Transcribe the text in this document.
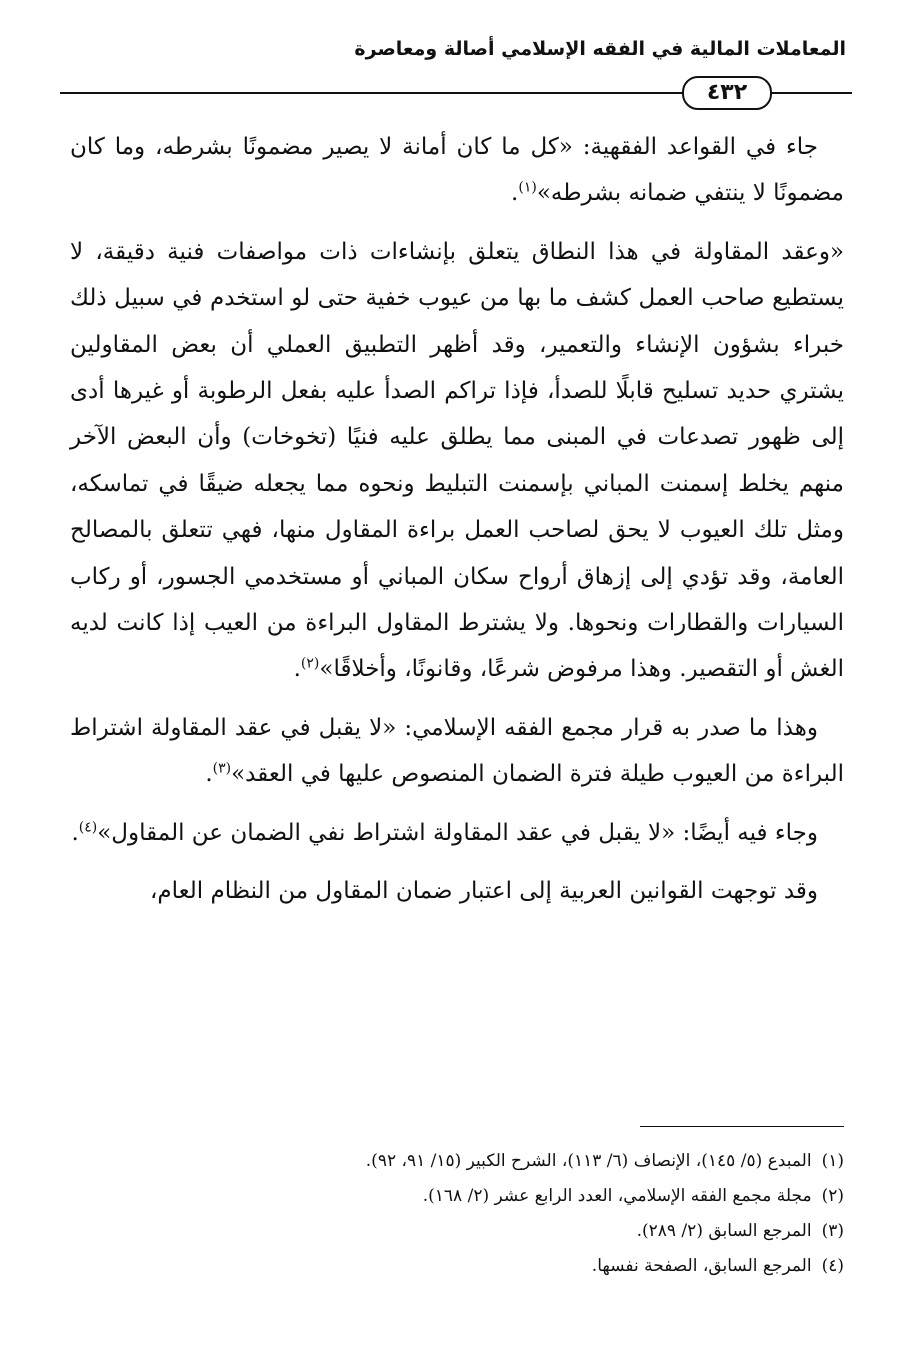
المعاملات المالية في الفقه الإسلامي أصالة ومعاصرة
٤٣٢

جاء في القواعد الفقهية: «كل ما كان أمانة لا يصير مضمونًا بشرطه، وما كان مضمونًا لا ينتفي ضمانه بشرطه»$^{(١)}$.

«وعقد المقاولة في هذا النطاق يتعلق بإنشاءات ذات مواصفات فنية دقيقة، لا يستطيع صاحب العمل كشف ما بها من عيوب خفية حتى لو استخدم في سبيل ذلك خبراء بشؤون الإنشاء والتعمير، وقد أظهر التطبيق العملي أن بعض المقاولين يشتري حديد تسليح قابلًا للصدأ، فإذا تراكم الصدأ عليه بفعل الرطوبة أو غيرها أدى إلى ظهور تصدعات في المبنى مما يطلق عليه فنيًا (تخوخات) وأن البعض الآخر منهم يخلط إسمنت المباني بإسمنت التبليط ونحوه مما يجعله ضيقًا في تماسكه، ومثل تلك العيوب لا يحق لصاحب العمل براءة المقاول منها، فهي تتعلق بالمصالح العامة، وقد تؤدي إلى إزهاق أرواح سكان المباني أو مستخدمي الجسور، أو ركاب السيارات والقطارات ونحوها. ولا يشترط المقاول البراءة من العيب إذا كانت لديه الغش أو التقصير. وهذا مرفوض شرعًا، وقانونًا، وأخلاقًا»$^{(٢)}$.

وهذا ما صدر به قرار مجمع الفقه الإسلامي: «لا يقبل في عقد المقاولة اشتراط البراءة من العيوب طيلة فترة الضمان المنصوص عليها في العقد»$^{(٣)}$.

وجاء فيه أيضًا: «لا يقبل في عقد المقاولة اشتراط نفي الضمان عن المقاول»$^{(٤)}$.

وقد توجهت القوانين العربية إلى اعتبار ضمان المقاول من النظام العام،

(١)المبدع (٥/ ١٤٥)، الإنصاف (٦/ ١١٣)، الشرح الكبير (١٥/ ٩١، ٩٢).

(٢)مجلة مجمع الفقه الإسلامي، العدد الرابع عشر (٢/ ١٦٨).

(٣)المرجع السابق (٢/ ٢٨٩).

(٤)المرجع السابق، الصفحة نفسها.
